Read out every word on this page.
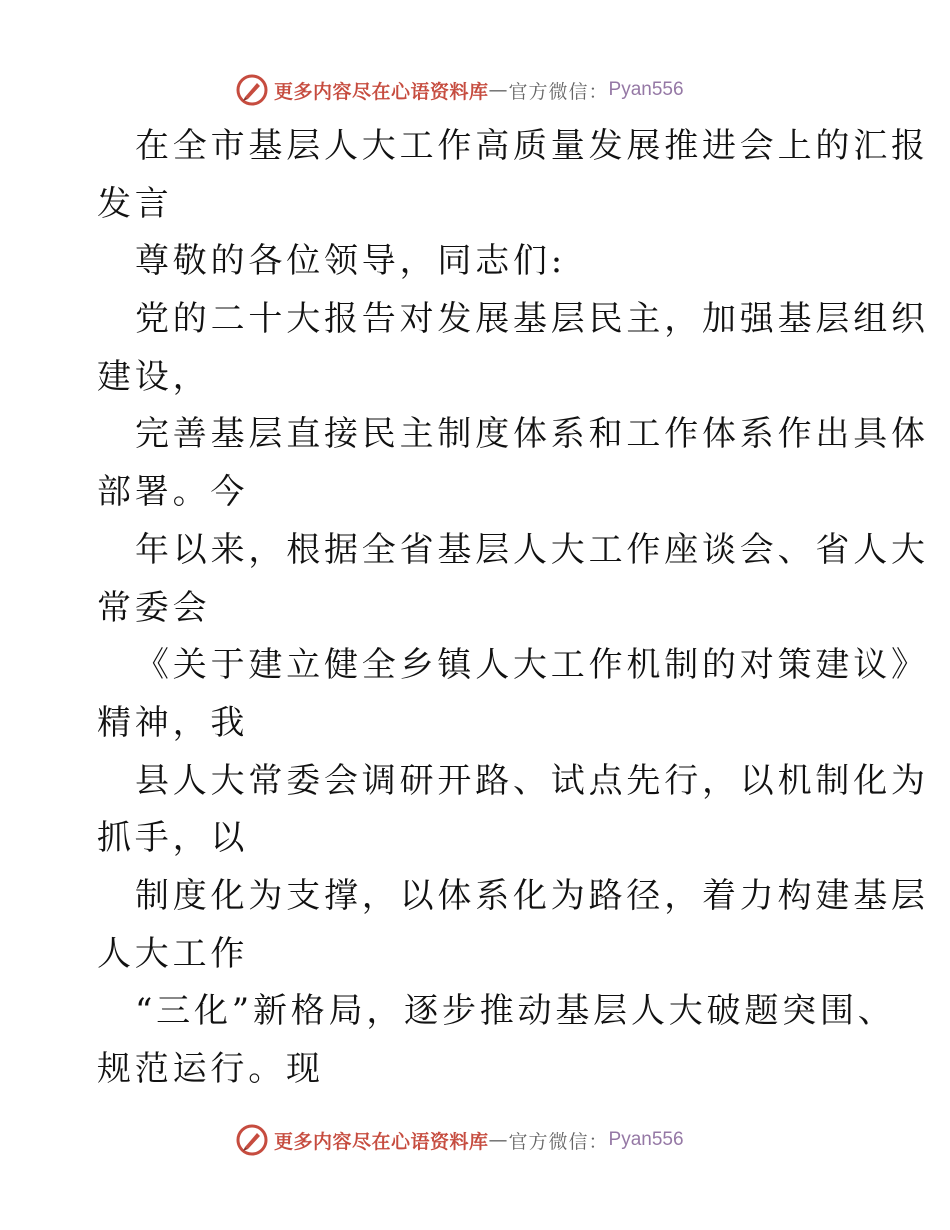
更多内容尽在心语资料库 — 官方微信： Pyan556
在全市基层人大工作高质量发展推进会上的汇报
发言
尊敬的各位领导，同志们:
党的二十大报告对发展基层民主，加强基层组织
建设，
完善基层直接民主制度体系和工作体系作出具体
部署。今
年以来，根据全省基层人大工作座谈会、省人大
常委会
《关于建立健全乡镇人大工作机制的对策建议》
精神，我
县人大常委会调研开路、试点先行，以机制化为
抓手，以
制度化为支撑，以体系化为路径，着力构建基层
人大工作
“三化”新格局，逐步推动基层人大破题突围、
规范运行。现
更多内容尽在心语资料库 — 官方微信： Pyan556
